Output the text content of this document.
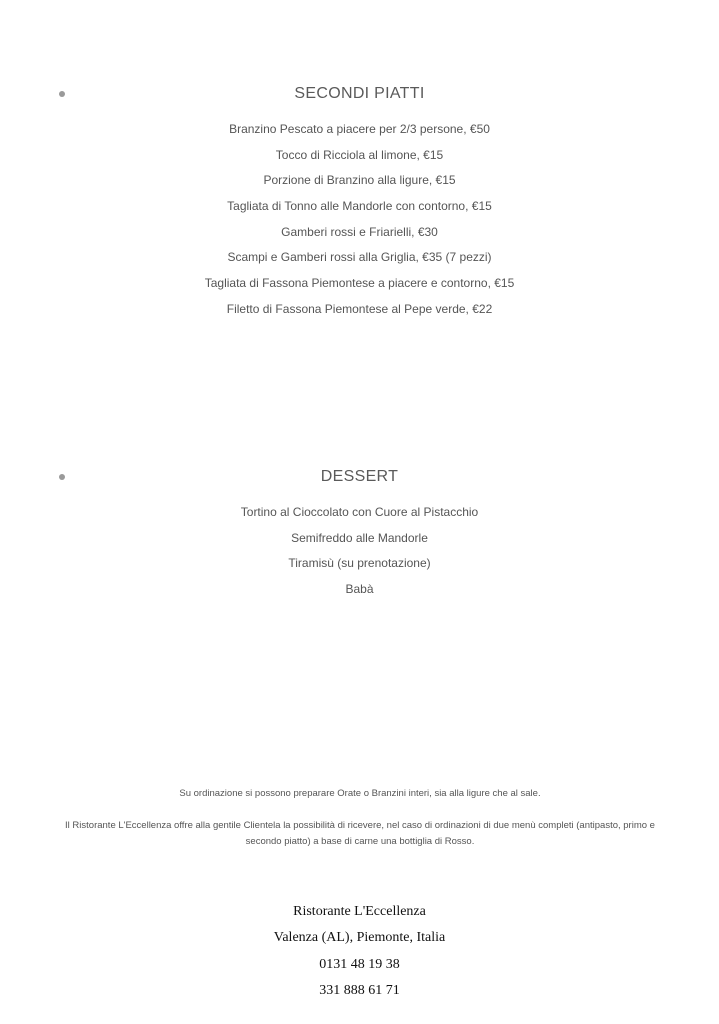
SECONDI PIATTI
Branzino Pescato a piacere per 2/3 persone, €50
Tocco di Ricciola al limone, €15
Porzione di Branzino alla ligure, €15
Tagliata di Tonno alle Mandorle con contorno, €15
Gamberi rossi e Friarielli, €30
Scampi e Gamberi rossi alla Griglia, €35 (7 pezzi)
Tagliata di Fassona Piemontese a piacere e contorno, €15
Filetto di Fassona Piemontese al Pepe verde, €22
DESSERT
Tortino al Cioccolato con Cuore al Pistacchio
Semifreddo alle Mandorle
Tiramisù (su prenotazione)
Babà

Su ordinazione si possono preparare Orate o Branzini interi, sia alla ligure che al sale.

Il Ristorante L'Eccellenza offre alla gentile Clientela la possibilità di ricevere, nel caso di ordinazioni di due menù completi (antipasto, primo e secondo piatto) a base di carne una bottiglia di Rosso.

Ristorante L'Eccellenza
Valenza (AL), Piemonte, Italia
0131 48 19 38
331 888 61 71
